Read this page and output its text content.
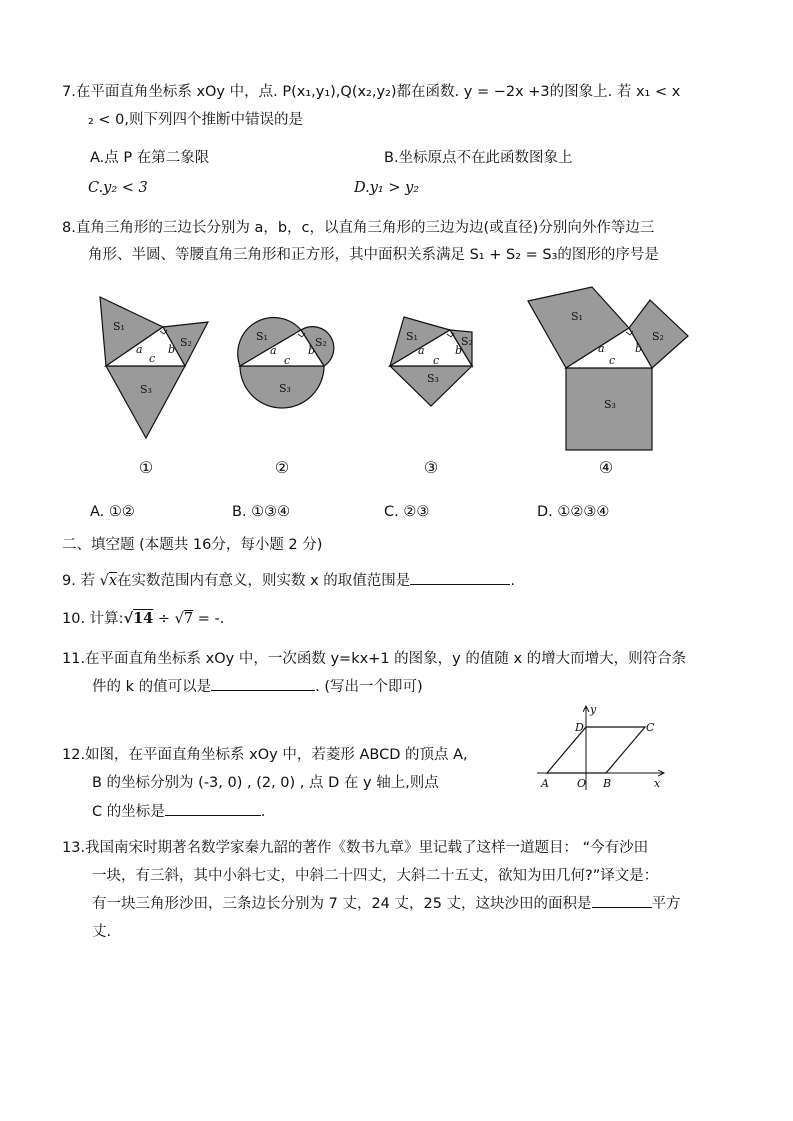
7.在平面直角坐标系 xOy 中，点. P(x₁,y₁),Q(x₂,y₂)都在函数. y = −2x +3的图象上. 若 x₁ < x
₂ < 0,则下列四个推断中错误的是
A.点 P 在第二象限	B.坐标原点不在此函数图象上
C.y₂ < 3	D.y₁ > y₂
8.直角三角形的三边长分别为 a，b，c，以直角三角形的三边为边(或直径)分别向外作等边三
角形、半圆、等腰直角三角形和正方形，其中面积关系满足 S₁ + S₂ = S₃的图形的序号是
S₁
S₂
S₃
a b
c
S₁	S₂
S₃
a	b
c
S₁	S₂
S₃
a	b
c
S₁
S₂
S₃
a	b
c
①	②	③	④
A. ①②	B. ①③④	C. ②③	D. ①②③④
二、填空题 (本题共 16分，每小题 2 分)
9. 若 √x在实数范围内有意义，则实数 x 的取值范围是	.
10. 计算:√14 ÷ √7 = -.
11.在平面直角坐标系 xOy 中，一次函数 y=kx+1 的图象，y 的值随 x 的增大而增大，则符合条
件的 k 的值可以是	. (写出一个即可)
12.如图，在平面直角坐标系 xOy 中，若菱形 ABCD 的顶点 A,
B 的坐标分别为 (-3, 0) , (2, 0) , 点 D 在 y 轴上,则点
C 的坐标是	.
y
x
A	O B
C
D
13.我国南宋时期著名数学家秦九韶的著作《数书九章》里记载了这样一道题目： “今有沙田
一块，有三斜，其中小斜七丈，中斜二十四丈，大斜二十五丈，欲知为田几何?”译文是：
有一块三角形沙田，三条边长分别为 7 丈，24 丈，25 丈，这块沙田的面积是	平方
丈.
